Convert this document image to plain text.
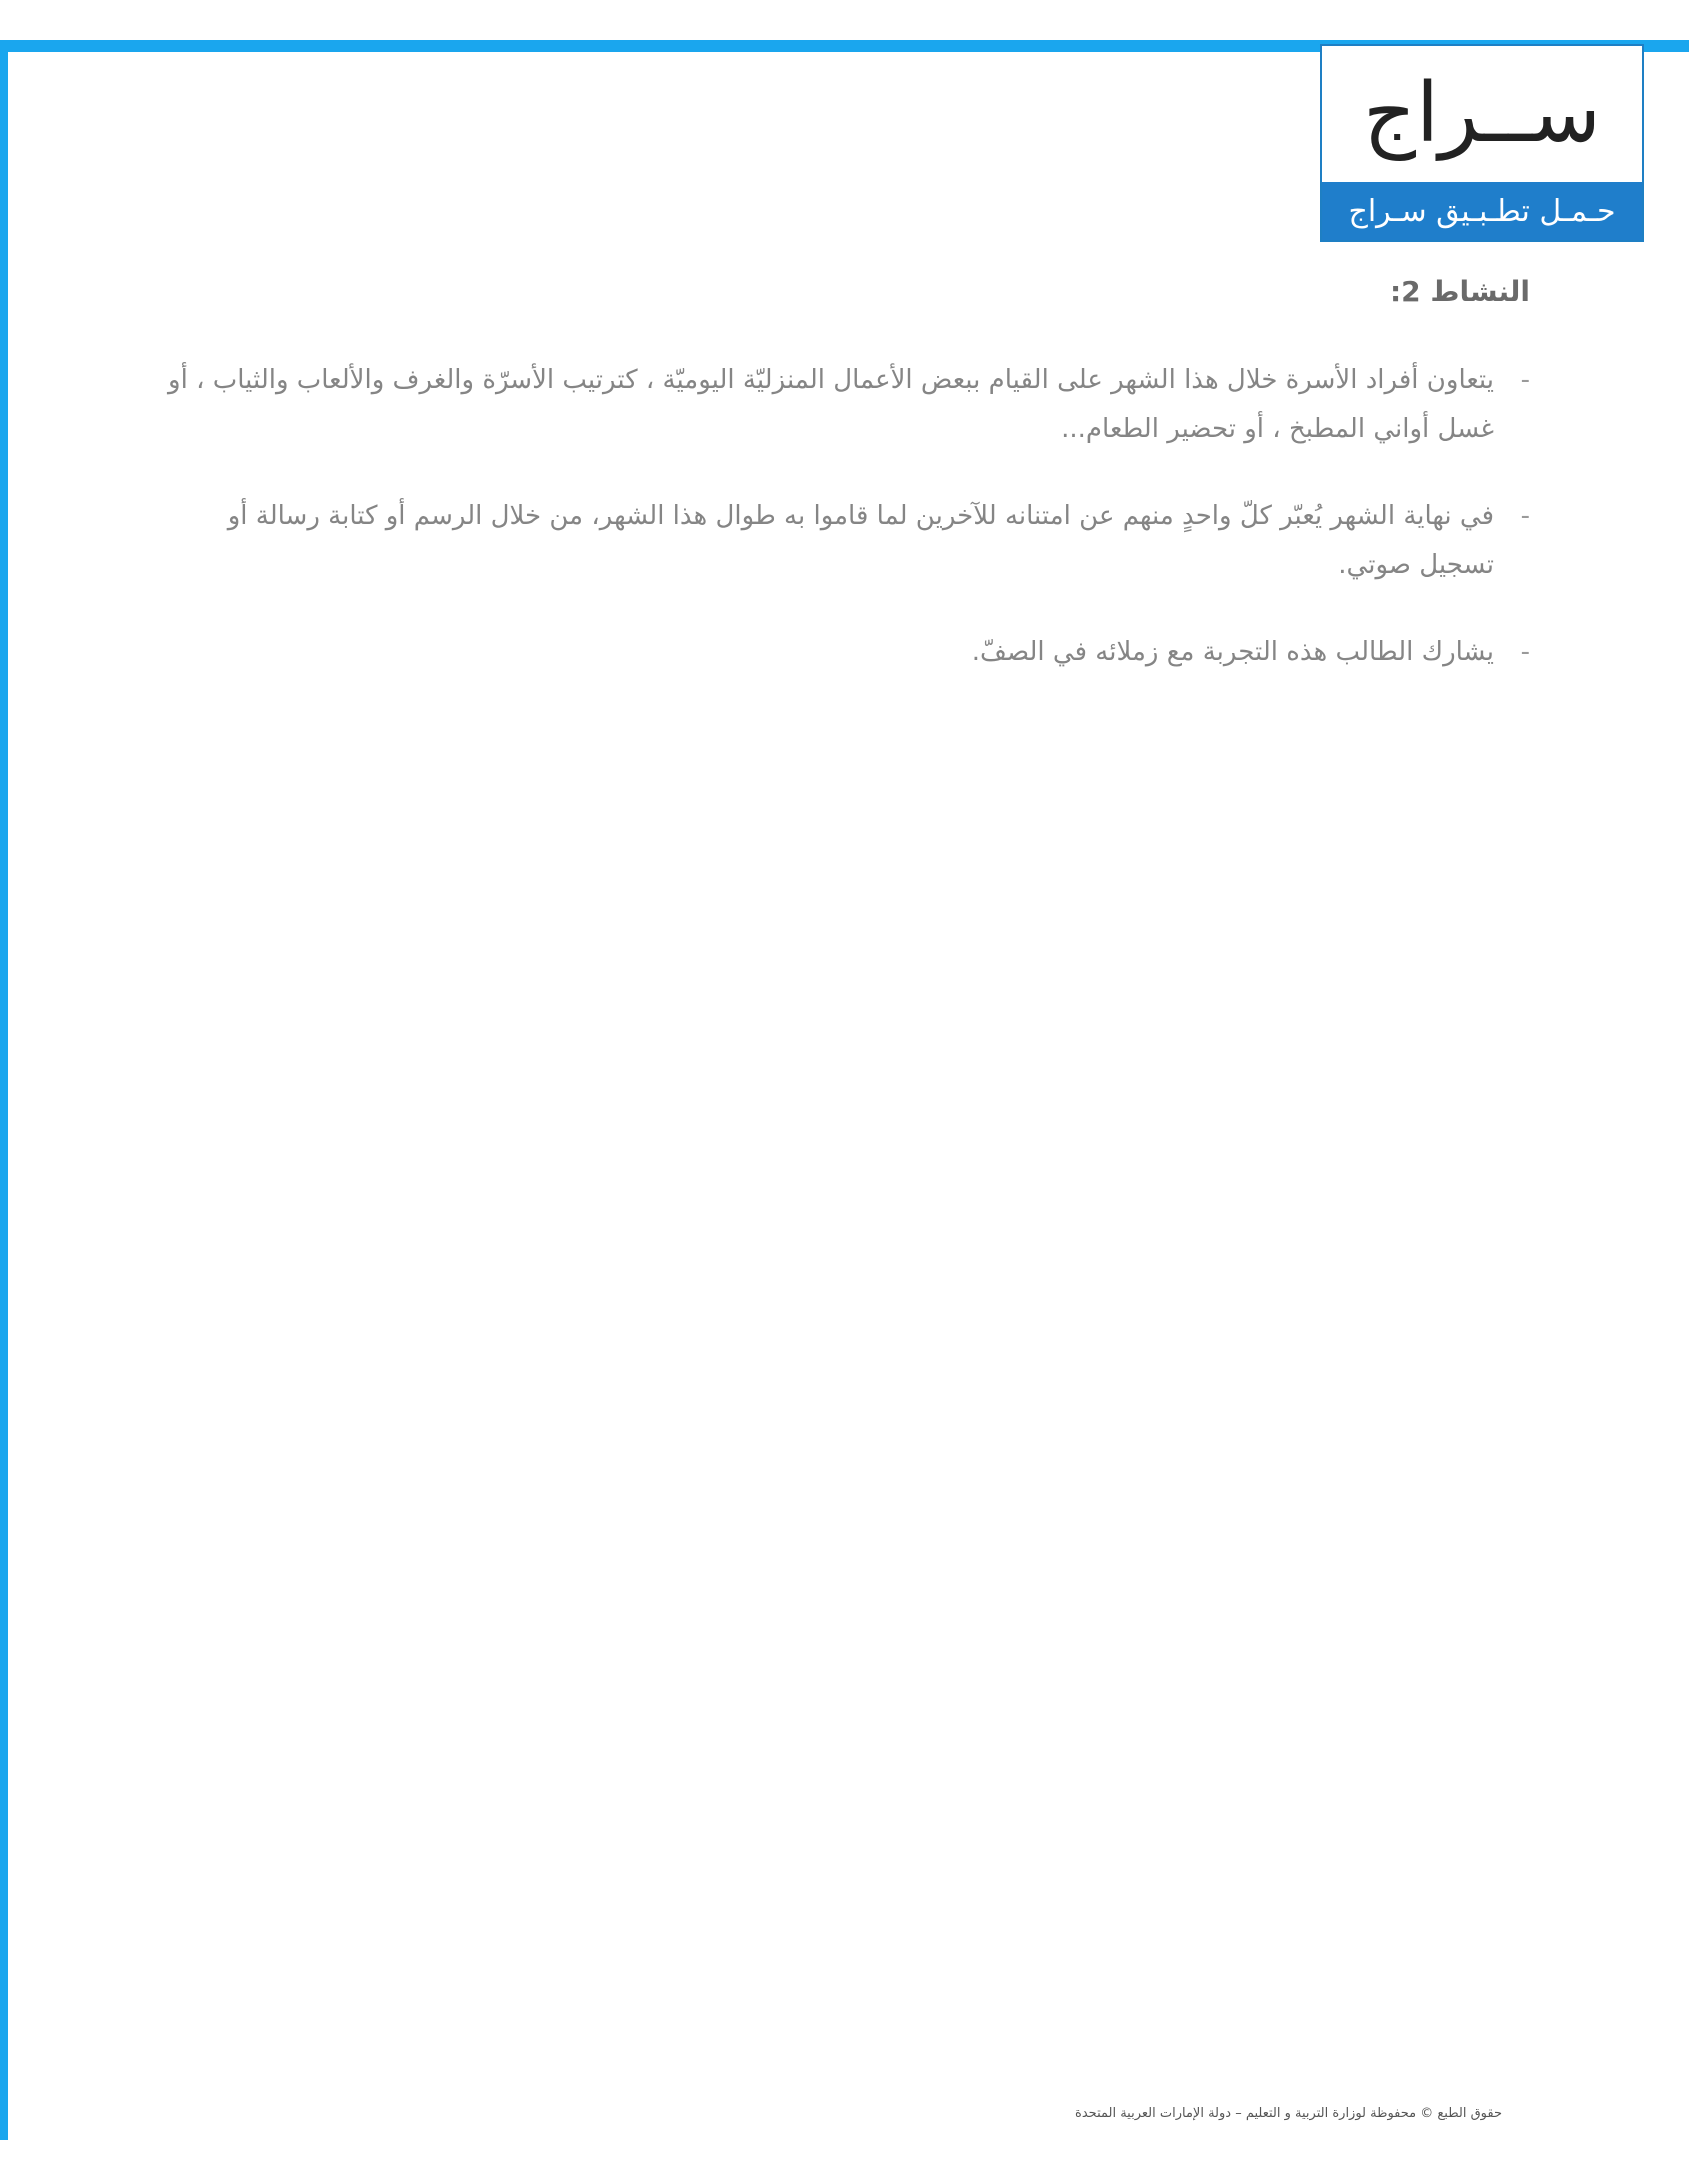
ســراج
حـمـل تطـبـيق سـراج
النشاط 2:
-
يتعاون أفراد الأسرة خلال هذا الشهر على القيام ببعض الأعمال المنزليّة اليوميّة ، كترتيب الأسرّة والغرف والألعاب والثياب ، أو غسل أواني المطبخ ، أو تحضير الطعام...
-
في نهاية الشهر يُعبّر كلّ واحدٍ منهم عن امتنانه للآخرين لما قاموا به طوال هذا الشهر، من خلال الرسم أو كتابة رسالة أو تسجيل صوتي.
-
يشارك الطالب هذه التجربة مع زملائه في الصفّ.
حقوق الطبع © محفوظة لوزارة التربية و التعليم – دولة الإمارات العربية المتحدة
